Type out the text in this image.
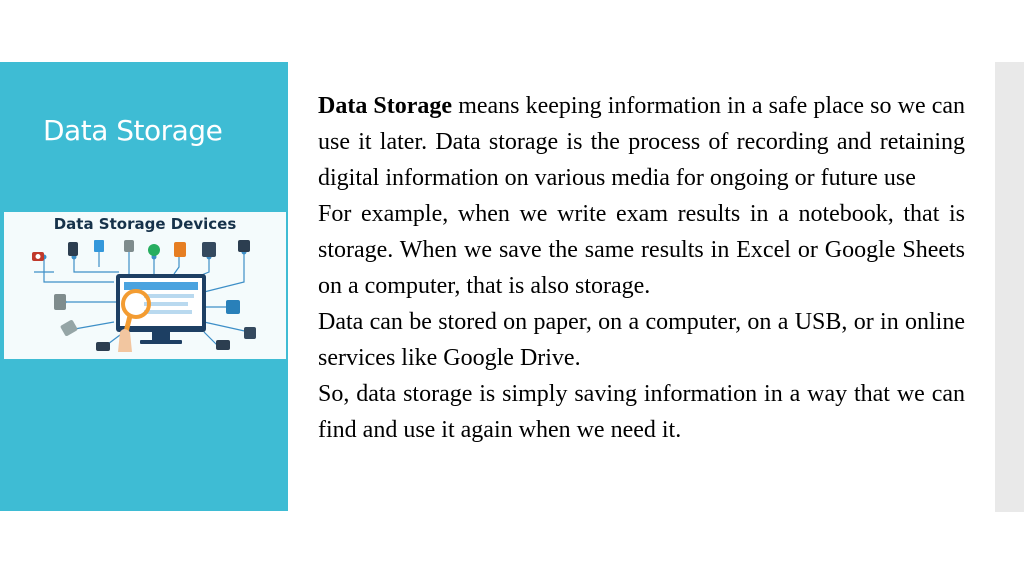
Data Storage
Data Storage Devices

Data Storage means keeping information in a safe place so we can use it later. Data storage is the process of recording and retaining digital information on various media for ongoing or future use

For example, when we write exam results in a notebook, that is storage. When we save the same results in Excel or Google Sheets on a computer, that is also storage.

Data can be stored on paper, on a computer, on a USB, or in online services like Google Drive.

So, data storage is simply saving information in a way that we can find and use it again when we need it.
